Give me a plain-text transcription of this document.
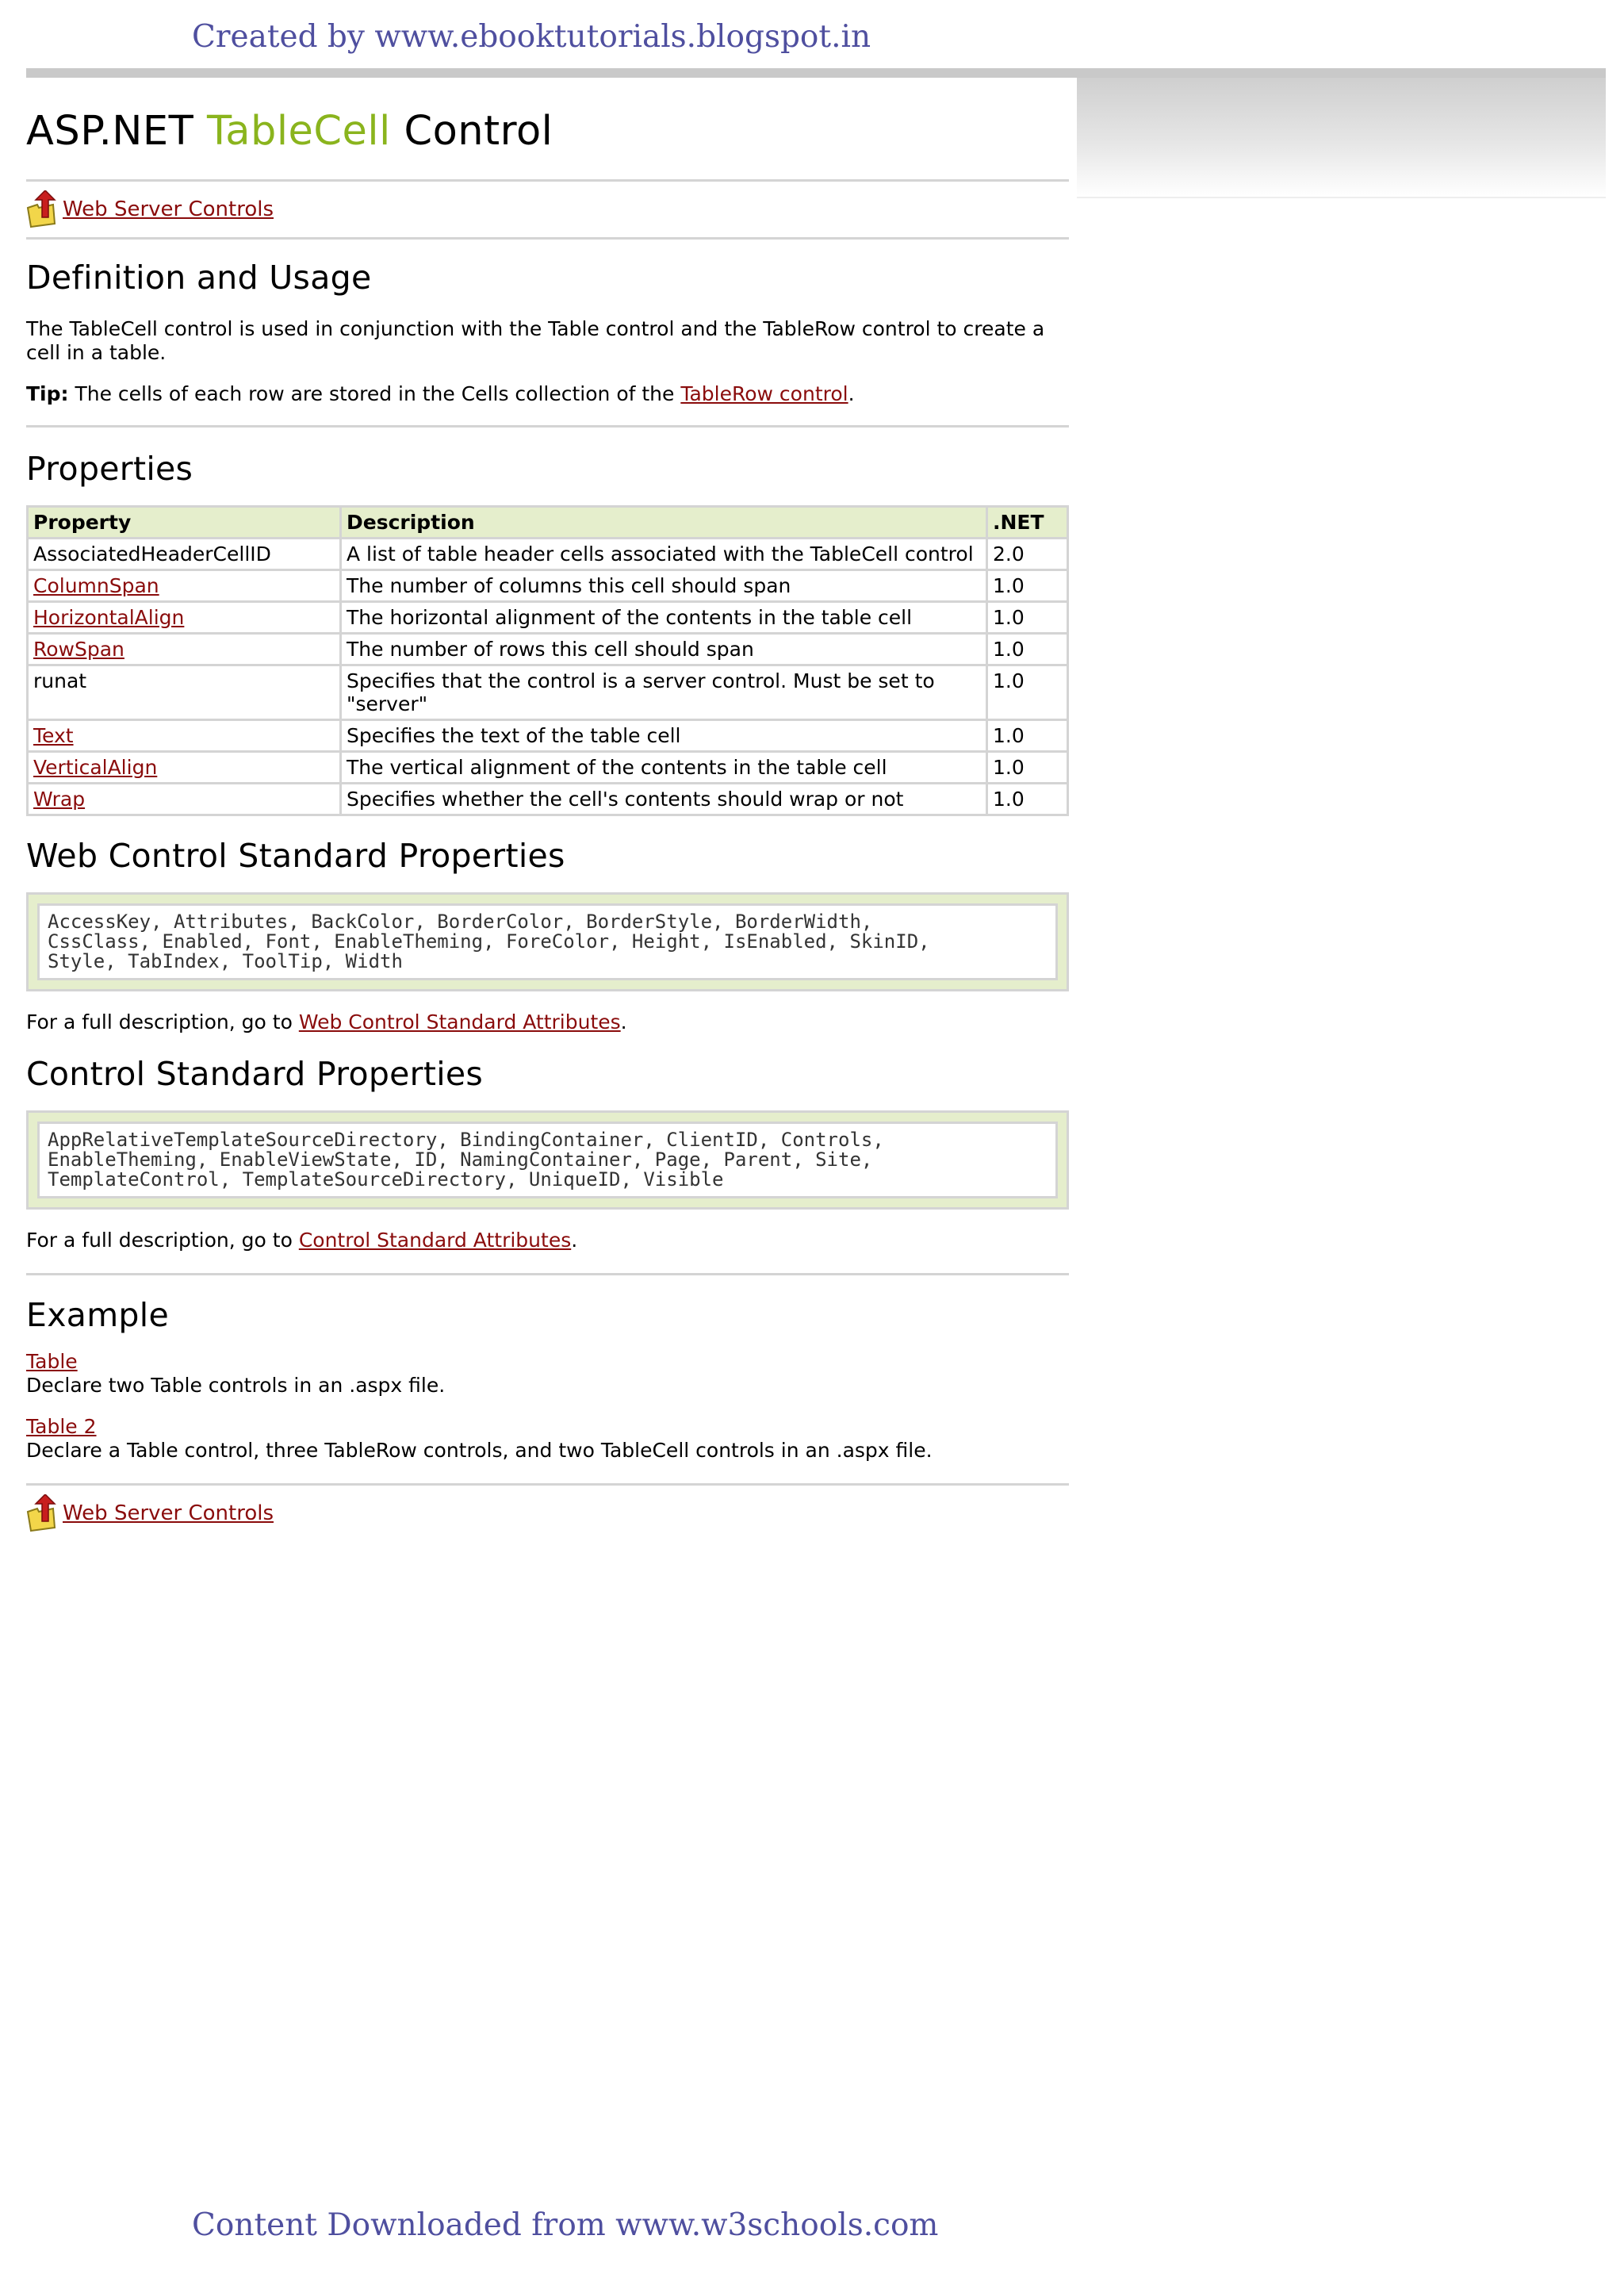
Created by www.ebooktutorials.blogspot.in
ASP.NET TableCell Control
Web Server Controls
Definition and Usage

The TableCell control is used in conjunction with the Table control and the TableRow control to create a cell in a table.

Tip: The cells of each row are stored in the Cells collection of the TableRow control.

Properties
Property	Description	.NET
AssociatedHeaderCellID	A list of table header cells associated with the TableCell control	2.0
ColumnSpan	The number of columns this cell should span	1.0
HorizontalAlign	The horizontal alignment of the contents in the table cell	1.0
RowSpan	The number of rows this cell should span	1.0
runat	Specifies that the control is a server control. Must be set to "server"	1.0
Text	Specifies the text of the table cell	1.0
VerticalAlign	The vertical alignment of the contents in the table cell	1.0
Wrap	Specifies whether the cell's contents should wrap or not	1.0
Web Control Standard Properties
AccessKey, Attributes, BackColor, BorderColor, BorderStyle, BorderWidth,
CssClass, Enabled, Font, EnableTheming, ForeColor, Height, IsEnabled, SkinID,
Style, TabIndex, ToolTip, Width

For a full description, go to Web Control Standard Attributes.

Control Standard Properties
AppRelativeTemplateSourceDirectory, BindingContainer, ClientID, Controls,
EnableTheming, EnableViewState, ID, NamingContainer, Page, Parent, Site,
TemplateControl, TemplateSourceDirectory, UniqueID, Visible

For a full description, go to Control Standard Attributes.

Example

Table
Declare two Table controls in an .aspx file.

Table 2
Declare a Table control, three TableRow controls, and two TableCell controls in an .aspx file.

Web Server Controls
Content Downloaded from www.w3schools.com
